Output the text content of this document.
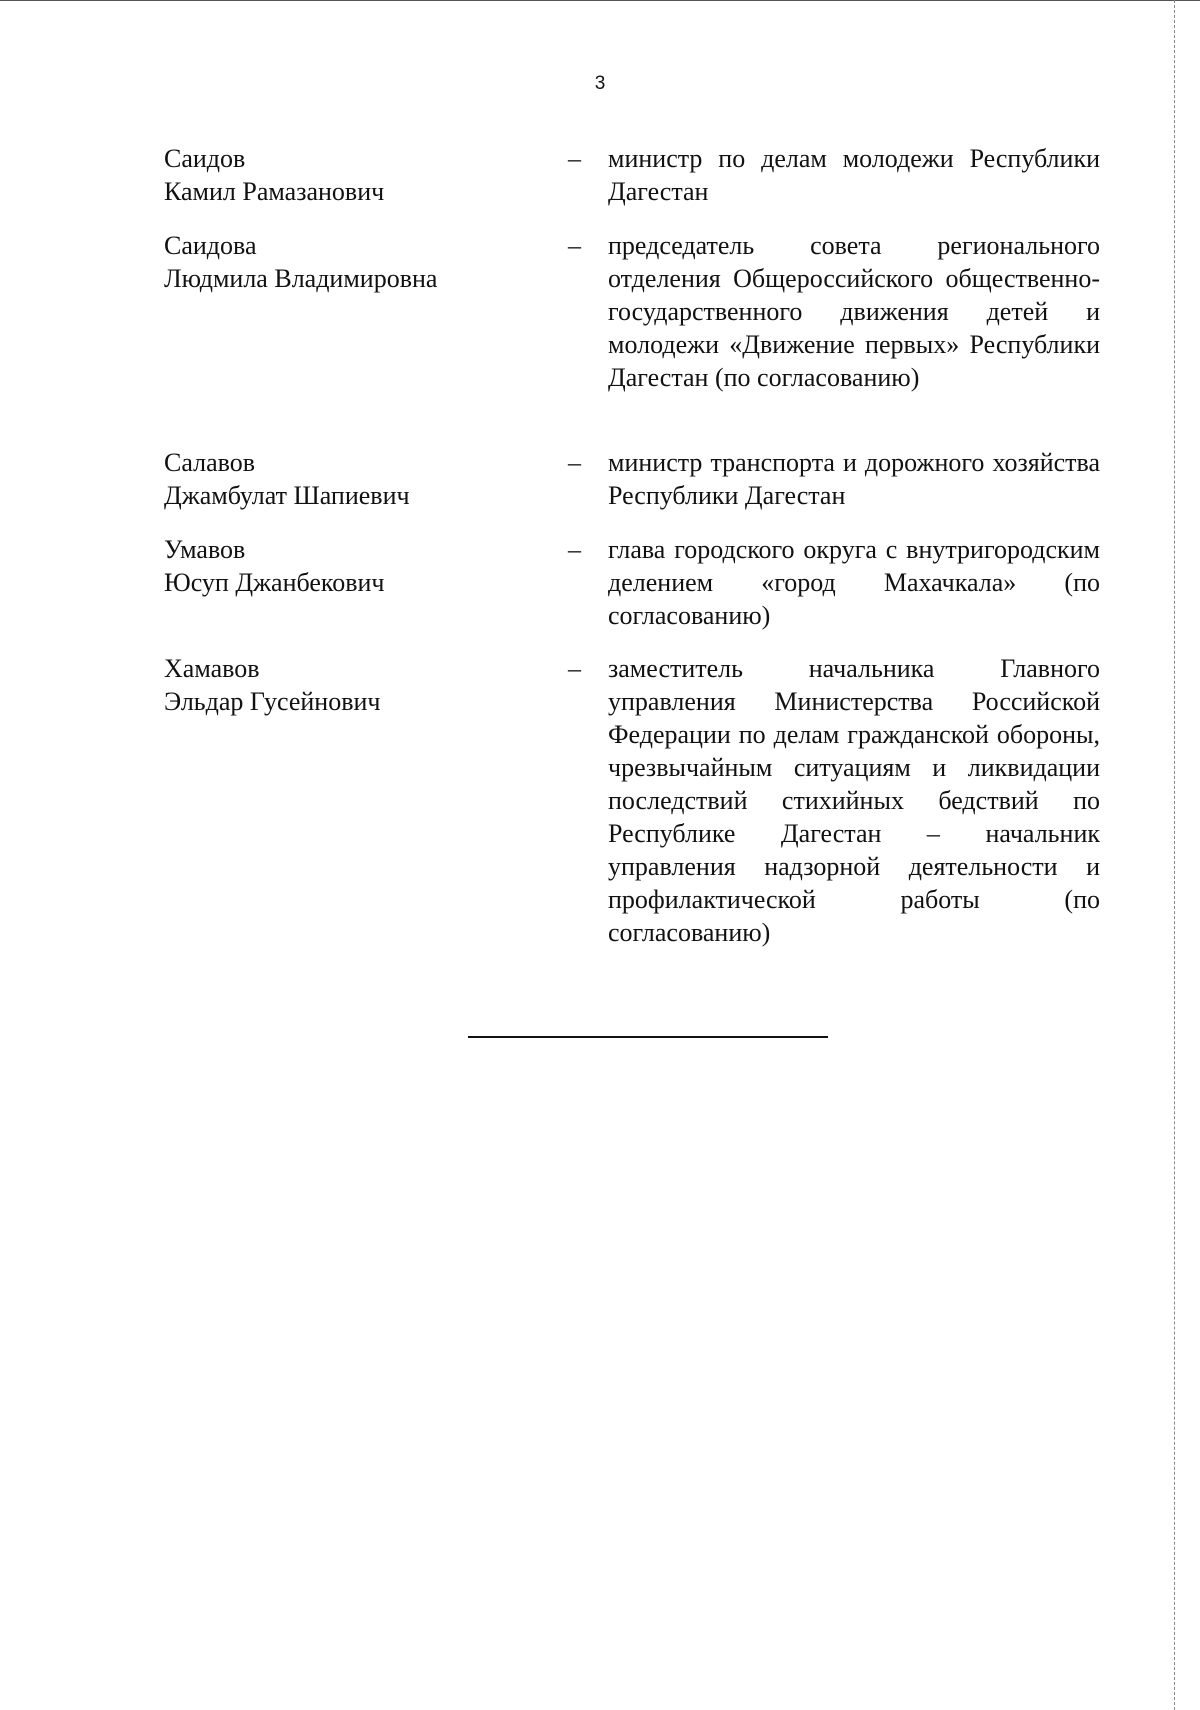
3
Саидов
Камил Рамазанович
– министр по делам молодежи Республики Дагестан
Саидова
Людмила Владимировна
– председатель совета регионального отделения Общероссийского общественно-государственного движения детей и молодежи «Движение первых» Республики Дагестан (по согласованию)
Салавов
Джамбулат Шапиевич
– министр транспорта и дорожного хозяйства Республики Дагестан
Умавов
Юсуп Джанбекович
– глава городского округа с внутригородским делением «город Махачкала» (по согласованию)
Хамавов
Эльдар Гусейнович
– заместитель начальника Главного управления Министерства Российской Федерации по делам гражданской обороны, чрезвычайным ситуациям и ликвидации последствий стихийных бедствий по Республике Дагестан – начальник управления надзорной деятельности и профилактической работы (по согласованию)
